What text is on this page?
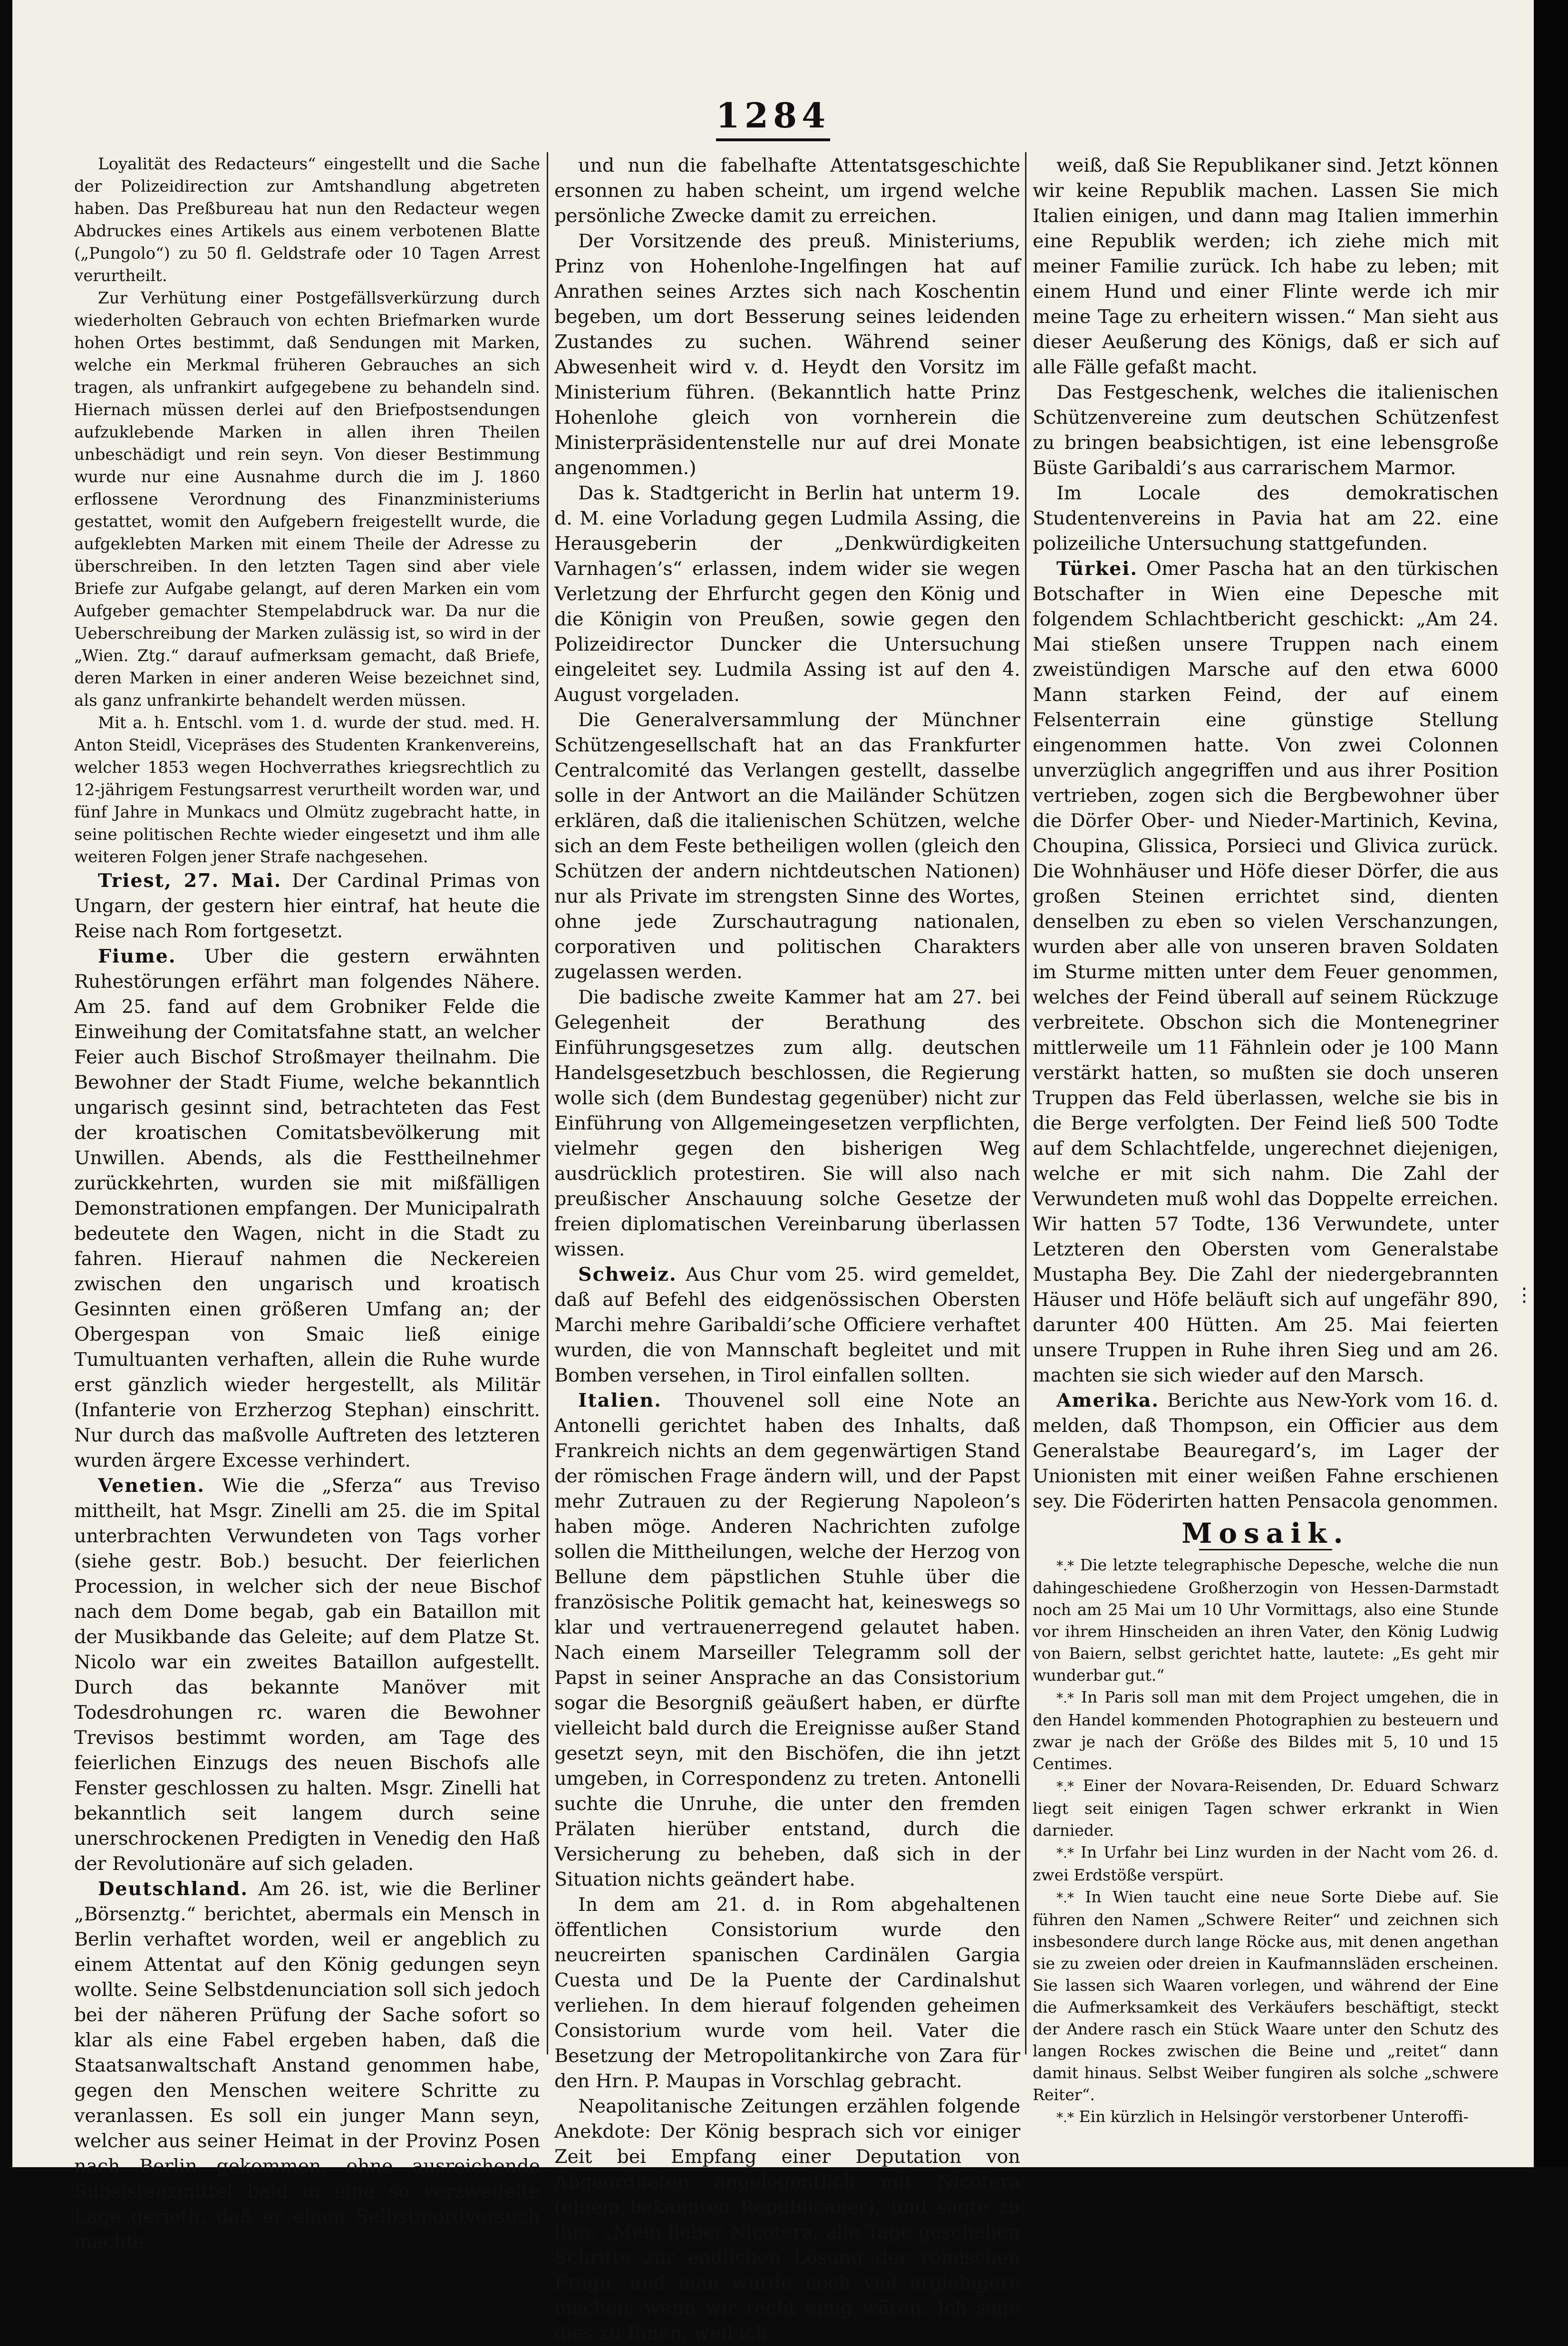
1284

Loyalität des Redacteurs“ eingestellt und die Sache der Polizeidirection zur Amtshandlung abgetreten haben. Das Preßbureau hat nun den Redacteur wegen Abdruckes eines Artikels aus einem verbotenen Blatte („Pungolo“) zu 50 fl. Geldstrafe oder 10 Tagen Arrest verurtheilt.

Zur Verhütung einer Postgefällsverkürzung durch wiederholten Gebrauch von echten Briefmarken wurde hohen Ortes bestimmt, daß Sendungen mit Marken, welche ein Merkmal früheren Gebrauches an sich tragen, als unfrankirt aufgegebene zu behandeln sind. Hiernach müssen derlei auf den Briefpostsendungen aufzuklebende Marken in allen ihren Theilen unbeschädigt und rein seyn. Von dieser Bestimmung wurde nur eine Ausnahme durch die im J. 1860 erflossene Verordnung des Finanzministeriums gestattet, womit den Aufgebern freigestellt wurde, die aufgeklebten Marken mit einem Theile der Adresse zu überschreiben. In den letzten Tagen sind aber viele Briefe zur Aufgabe gelangt, auf deren Marken ein vom Aufgeber gemachter Stempelabdruck war. Da nur die Ueberschreibung der Marken zulässig ist, so wird in der „Wien. Ztg.“ darauf aufmerksam gemacht, daß Briefe, deren Marken in einer anderen Weise bezeichnet sind, als ganz unfrankirte behandelt werden müssen.

Mit a. h. Entschl. vom 1. d. wurde der stud. med. H. Anton Steidl, Vicepräses des Studenten Krankenvereins, welcher 1853 wegen Hochverrathes kriegsrechtlich zu 12-jährigem Festungsarrest verurtheilt worden war, und fünf Jahre in Munkacs und Olmütz zugebracht hatte, in seine politischen Rechte wieder eingesetzt und ihm alle weiteren Folgen jener Strafe nachgesehen.

Triest, 27. Mai. Der Cardinal Primas von Ungarn, der gestern hier eintraf, hat heute die Reise nach Rom fortgesetzt.

Fiume. Uber die gestern erwähnten Ruhestörungen erfährt man folgendes Nähere. Am 25. fand auf dem Grobniker Felde die Einweihung der Comitatsfahne statt, an welcher Feier auch Bischof Stroßmayer theilnahm. Die Bewohner der Stadt Fiume, welche bekanntlich ungarisch gesinnt sind, betrachteten das Fest der kroatischen Comitatsbevölkerung mit Unwillen. Abends, als die Festtheilnehmer zurückkehrten, wurden sie mit mißfälligen Demonstrationen empfangen. Der Municipalrath bedeutete den Wagen, nicht in die Stadt zu fahren. Hierauf nahmen die Neckereien zwischen den ungarisch und kroatisch Gesinnten einen größeren Umfang an; der Obergespan von Smaic ließ einige Tumultuanten verhaften, allein die Ruhe wurde erst gänzlich wieder hergestellt, als Militär (Infanterie von Erzherzog Stephan) einschritt. Nur durch das maßvolle Auftreten des letzteren wurden ärgere Excesse verhindert.

Venetien. Wie die „Sferza“ aus Treviso mittheilt, hat Msgr. Zinelli am 25. die im Spital unterbrachten Verwundeten von Tags vorher (siehe gestr. Bob.) besucht. Der feierlichen Procession, in welcher sich der neue Bischof nach dem Dome begab, gab ein Bataillon mit der Musikbande das Geleite; auf dem Platze St. Nicolo war ein zweites Bataillon aufgestellt. Durch das bekannte Manöver mit Todesdrohungen rc. waren die Bewohner Trevisos bestimmt worden, am Tage des feierlichen Einzugs des neuen Bischofs alle Fenster geschlossen zu halten. Msgr. Zinelli hat bekanntlich seit langem durch seine unerschrockenen Predigten in Venedig den Haß der Revolutionäre auf sich geladen.

Deutschland. Am 26. ist, wie die Berliner „Börsenztg.“ berichtet, abermals ein Mensch in Berlin verhaftet worden, weil er angeblich zu einem Attentat auf den König gedungen seyn wollte. Seine Selbstdenunciation soll sich jedoch bei der näheren Prüfung der Sache sofort so klar als eine Fabel ergeben haben, daß die Staatsanwaltschaft Anstand genommen habe, gegen den Menschen weitere Schritte zu veranlassen. Es soll ein junger Mann seyn, welcher aus seiner Heimat in der Provinz Posen nach Berlin gekommen, ohne ausreichende Subsistenzmittel bald in eine so verzweifelte Lage gerieth, daß er einen Selbstmordversuch machte

und nun die fabelhafte Attentatsgeschichte ersonnen zu haben scheint, um irgend welche persönliche Zwecke damit zu erreichen.

Der Vorsitzende des preuß. Ministeriums, Prinz von Hohenlohe-Ingelfingen hat auf Anrathen seines Arztes sich nach Koschentin begeben, um dort Besserung seines leidenden Zustandes zu suchen. Während seiner Abwesenheit wird v. d. Heydt den Vorsitz im Ministerium führen. (Bekanntlich hatte Prinz Hohenlohe gleich von vornherein die Ministerpräsidentenstelle nur auf drei Monate angenommen.)

Das k. Stadtgericht in Berlin hat unterm 19. d. M. eine Vorladung gegen Ludmila Assing, die Herausgeberin der „Denkwürdigkeiten Varnhagen’s“ erlassen, indem wider sie wegen Verletzung der Ehrfurcht gegen den König und die Königin von Preußen, sowie gegen den Polizeidirector Duncker die Untersuchung eingeleitet sey. Ludmila Assing ist auf den 4. August vorgeladen.

Die Generalversammlung der Münchner Schützengesellschaft hat an das Frankfurter Centralcomité das Verlangen gestellt, dasselbe solle in der Antwort an die Mailänder Schützen erklären, daß die italienischen Schützen, welche sich an dem Feste betheiligen wollen (gleich den Schützen der andern nichtdeutschen Nationen) nur als Private im strengsten Sinne des Wortes, ohne jede Zurschautragung nationalen, corporativen und politischen Charakters zugelassen werden.

Die badische zweite Kammer hat am 27. bei Gelegenheit der Berathung des Einführungsgesetzes zum allg. deutschen Handelsgesetzbuch beschlossen, die Regierung wolle sich (dem Bundestag gegenüber) nicht zur Einführung von Allgemeingesetzen verpflichten, vielmehr gegen den bisherigen Weg ausdrücklich protestiren. Sie will also nach preußischer Anschauung solche Gesetze der freien diplomatischen Vereinbarung überlassen wissen.

Schweiz. Aus Chur vom 25. wird gemeldet, daß auf Befehl des eidgenössischen Obersten Marchi mehre Garibaldi’sche Officiere verhaftet wurden, die von Mannschaft begleitet und mit Bomben versehen, in Tirol einfallen sollten.

Italien. Thouvenel soll eine Note an Antonelli gerichtet haben des Inhalts, daß Frankreich nichts an dem gegenwärtigen Stand der römischen Frage ändern will, und der Papst mehr Zutrauen zu der Regierung Napoleon’s haben möge. Anderen Nachrichten zufolge sollen die Mittheilungen, welche der Herzog von Bellune dem päpstlichen Stuhle über die französische Politik gemacht hat, keineswegs so klar und vertrauenerregend gelautet haben. Nach einem Marseiller Telegramm soll der Papst in seiner Ansprache an das Consistorium sogar die Besorgniß geäußert haben, er dürfte vielleicht bald durch die Ereignisse außer Stand gesetzt seyn, mit den Bischöfen, die ihn jetzt umgeben, in Correspondenz zu treten. Antonelli suchte die Unruhe, die unter den fremden Prälaten hierüber entstand, durch die Versicherung zu beheben, daß sich in der Situation nichts geändert habe.

In dem am 21. d. in Rom abgehaltenen öffentlichen Consistorium wurde den neucreirten spanischen Cardinälen Gargia Cuesta und De la Puente der Cardinalshut verliehen. In dem hierauf folgenden geheimen Consistorium wurde vom heil. Vater die Besetzung der Metropolitankirche von Zara für den Hrn. P. Maupas in Vorschlag gebracht.

Neapolitanische Zeitungen erzählen folgende Anekdote: Der König besprach sich vor einiger Zeit bei Empfang einer Deputation von Abgeordneten angelegentlich mit Nicotera (einem bekannten Republicaner), und sagte zu ihm: „Mein lieber Nicotera, alle Tage geschehen Schritte zur endlichen Lösung der römischen Frage, und man würde noch viel ergiebigere machen, wenn wir recht einig wären. Ich sage dies zu Ihnen, weil ich

weiß, daß Sie Republikaner sind. Jetzt können wir keine Republik machen. Lassen Sie mich Italien einigen, und dann mag Italien immerhin eine Republik werden; ich ziehe mich mit meiner Familie zurück. Ich habe zu leben; mit einem Hund und einer Flinte werde ich mir meine Tage zu erheitern wissen.“ Man sieht aus dieser Aeußerung des Königs, daß er sich auf alle Fälle gefaßt macht.

Das Festgeschenk, welches die italienischen Schützenvereine zum deutschen Schützenfest zu bringen beabsichtigen, ist eine lebensgroße Büste Garibaldi’s aus carrarischem Marmor.

Im Locale des demokratischen Studentenvereins in Pavia hat am 22. eine polizeiliche Untersuchung stattgefunden.

Türkei. Omer Pascha hat an den türkischen Botschafter in Wien eine Depesche mit folgendem Schlachtbericht geschickt: „Am 24. Mai stießen unsere Truppen nach einem zweistündigen Marsche auf den etwa 6000 Mann starken Feind, der auf einem Felsenterrain eine günstige Stellung eingenommen hatte. Von zwei Colonnen unverzüglich angegriffen und aus ihrer Position vertrieben, zogen sich die Bergbewohner über die Dörfer Ober- und Nieder-Martinich, Kevina, Choupina, Glissica, Porsieci und Glivica zurück. Die Wohnhäuser und Höfe dieser Dörfer, die aus großen Steinen errichtet sind, dienten denselben zu eben so vielen Verschanzungen, wurden aber alle von unseren braven Soldaten im Sturme mitten unter dem Feuer genommen, welches der Feind überall auf seinem Rückzuge verbreitete. Obschon sich die Montenegriner mittlerweile um 11 Fähnlein oder je 100 Mann verstärkt hatten, so mußten sie doch unseren Truppen das Feld überlassen, welche sie bis in die Berge verfolgten. Der Feind ließ 500 Todte auf dem Schlachtfelde, ungerechnet diejenigen, welche er mit sich nahm. Die Zahl der Verwundeten muß wohl das Doppelte erreichen. Wir hatten 57 Todte, 136 Verwundete, unter Letzteren den Obersten vom Generalstabe Mustapha Bey. Die Zahl der niedergebrannten Häuser und Höfe beläuft sich auf ungefähr 890, darunter 400 Hütten. Am 25. Mai feierten unsere Truppen in Ruhe ihren Sieg und am 26. machten sie sich wieder auf den Marsch.

Amerika. Berichte aus New-York vom 16. d. melden, daß Thompson, ein Officier aus dem Generalstabe Beauregard’s, im Lager der Unionisten mit einer weißen Fahne erschienen sey. Die Föderirten hatten Pensacola genommen.

Mosaik.

*.* Die letzte telegraphische Depesche, welche die nun dahingeschiedene Großherzogin von Hessen-Darmstadt noch am 25 Mai um 10 Uhr Vormittags, also eine Stunde vor ihrem Hinscheiden an ihren Vater, den König Ludwig von Baiern, selbst gerichtet hatte, lautete: „Es geht mir wunderbar gut.“

*.* In Paris soll man mit dem Project umgehen, die in den Handel kommenden Photographien zu besteuern und zwar je nach der Größe des Bildes mit 5, 10 und 15 Centimes.

*.* Einer der Novara-Reisenden, Dr. Eduard Schwarz liegt seit einigen Tagen schwer erkrankt in Wien darnieder.

*.* In Urfahr bei Linz wurden in der Nacht vom 26. d. zwei Erdstöße verspürt.

*.* In Wien taucht eine neue Sorte Diebe auf. Sie führen den Namen „Schwere Reiter“ und zeichnen sich insbesondere durch lange Röcke aus, mit denen angethan sie zu zweien oder dreien in Kaufmannsläden erscheinen. Sie lassen sich Waaren vorlegen, und während der Eine die Aufmerksamkeit des Verkäufers beschäftigt, steckt der Andere rasch ein Stück Waare unter den Schutz des langen Rockes zwischen die Beine und „reitet“ dann damit hinaus. Selbst Weiber fungiren als solche „schwere Reiter“.

*.* Ein kürzlich in Helsingör verstorbener Unteroffi-

⋮
